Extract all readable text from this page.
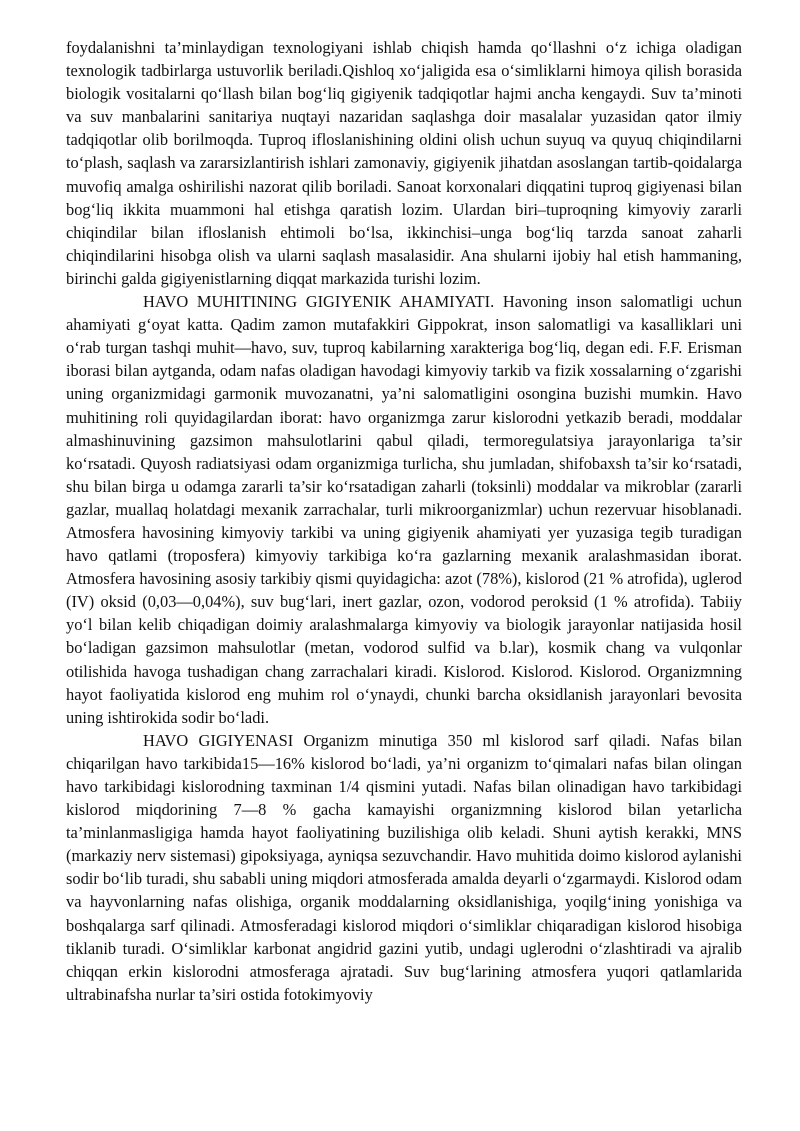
foydalanishni ta’minlaydigan texnologiyani ishlab chiqish hamda qo‘llashni o‘z ichiga oladigan texnologik tadbirlarga ustuvorlik beriladi.Qishloq xo‘jaligida esa o‘simliklarni himoya qilish borasida biologik vositalarni qo‘llash bilan bog‘liq gigiyenik tadqiqotlar hajmi ancha kengaydi. Suv ta’minoti va suv manbalarini sanitariya nuqtayi nazaridan saqlashga doir masalalar yuzasidan qator ilmiy tadqiqotlar olib borilmoqda. Tuproq ifloslanishining oldini olish uchun suyuq va quyuq chiqindilarni to‘plash, saqlash va zararsizlantirish ishlari zamonaviy, gigiyenik jihatdan asoslangan tartib-qoidalarga muvofiq amalga oshirilishi nazorat qilib boriladi. Sanoat korxonalari diqqatini tuproq gigiyenasi bilan bog‘liq ikkita muammoni hal etishga qaratish lozim. Ulardan biri–tuproqning kimyoviy zararli chiqindilar bilan ifloslanish ehtimoli bo‘lsa, ikkinchisi–unga bog‘liq tarzda sanoat zaharli chiqindilarini hisobga olish va ularni saqlash masalasidir. Ana shularni ijobiy hal etish hammaning, birinchi galda gigiyenistlarning diqqat markazida turishi lozim.

HAVO MUHITINING GIGIYENIK AHAMIYATI. Havoning inson salomatligi uchun ahamiyati g‘oyat katta. Qadim zamon mutafakkiri Gippokrat, inson salomatligi va kasalliklari uni o‘rab turgan tashqi muhit—havo, suv, tuproq kabilarning xarakteriga bog‘liq, degan edi. F.F. Erisman iborasi bilan aytganda, odam nafas oladigan havodagi kimyoviy tarkib va fizik xossalarning o‘zgarishi uning organizmidagi garmonik muvozanatni, ya’ni salomatligini osongina buzishi mumkin. Havo muhitining roli quyidagilardan iborat: havo organizmga zarur kislorodni yetkazib beradi, moddalar almashinuvining gazsimon mahsulotlarini qabul qiladi, termoregulatsiya jarayonlariga ta’sir ko‘rsatadi. Quyosh radiatsiyasi odam organizmiga turlicha, shu jumladan, shifobaxsh ta’sir ko‘rsatadi, shu bilan birga u odamga zararli ta’sir ko‘rsatadigan zaharli (toksinli) moddalar va mikroblar (zararli gazlar, muallaq holatdagi mexanik zarrachalar, turli mikroorganizmlar) uchun rezervuar hisoblanadi. Atmosfera havosining kimyoviy tarkibi va uning gigiyenik ahamiyati yer yuzasiga tegib turadigan havo qatlami (troposfera) kimyoviy tarkibiga ko‘ra gazlarning mexanik aralashmasidan iborat. Atmosfera havosining asosiy tarkibiy qismi quyidagicha: azot (78%), kislorod (21 % atrofida), uglerod (IV) oksid (0,03—0,04%), suv bug‘lari, inert gazlar, ozon, vodorod peroksid (1 % atrofida). Tabiiy yo‘l bilan kelib chiqadigan doimiy aralashmalarga kimyoviy va biologik jarayonlar natijasida hosil bo‘ladigan gazsimon mahsulotlar (metan, vodorod sulfid va b.lar), kosmik chang va vulqonlar otilishida havoga tushadigan chang zarrachalari kiradi. Kislorod. Kislorod. Kislorod. Organizmning hayot faoliyatida kislorod eng muhim rol o‘ynaydi, chunki barcha oksidlanish jarayonlari bevosita uning ishtirokida sodir bo‘ladi.

HAVO GIGIYENASI Organizm minutiga 350 ml kislorod sarf qiladi. Nafas bilan chiqarilgan havo tarkibida15—16% kislorod bo‘ladi, ya’ni organizm to‘qimalari nafas bilan olingan havo tarkibidagi kislorodning taxminan 1/4 qismini yutadi. Nafas bilan olinadigan havo tarkibidagi kislorod miqdorining 7—8 % gacha kamayishi organizmning kislorod bilan yetarlicha ta’minlanmasligiga hamda hayot faoliyatining buzilishiga olib keladi. Shuni aytish kerakki, MNS (markaziy nerv sistemasi) gipoksiyaga, ayniqsa sezuvchandir. Havo muhitida doimo kislorod aylanishi sodir bo‘lib turadi, shu sababli uning miqdori atmosferada amalda deyarli o‘zgarmaydi. Kislorod odam va hayvonlarning nafas olishiga, organik moddalarning oksidlanishiga, yoqilg‘ining yonishiga va boshqalarga sarf qilinadi. Atmosferadagi kislorod miqdori o‘simliklar chiqaradigan kislorod hisobiga tiklanib turadi. O‘simliklar karbonat angidrid gazini yutib, undagi uglerodni o‘zlashtiradi va ajralib chiqqan erkin kislorodni atmosferaga ajratadi. Suv bug‘larining atmosfera yuqori qatlamlarida ultrabinafsha nurlar ta’siri ostida fotokimyoviy
